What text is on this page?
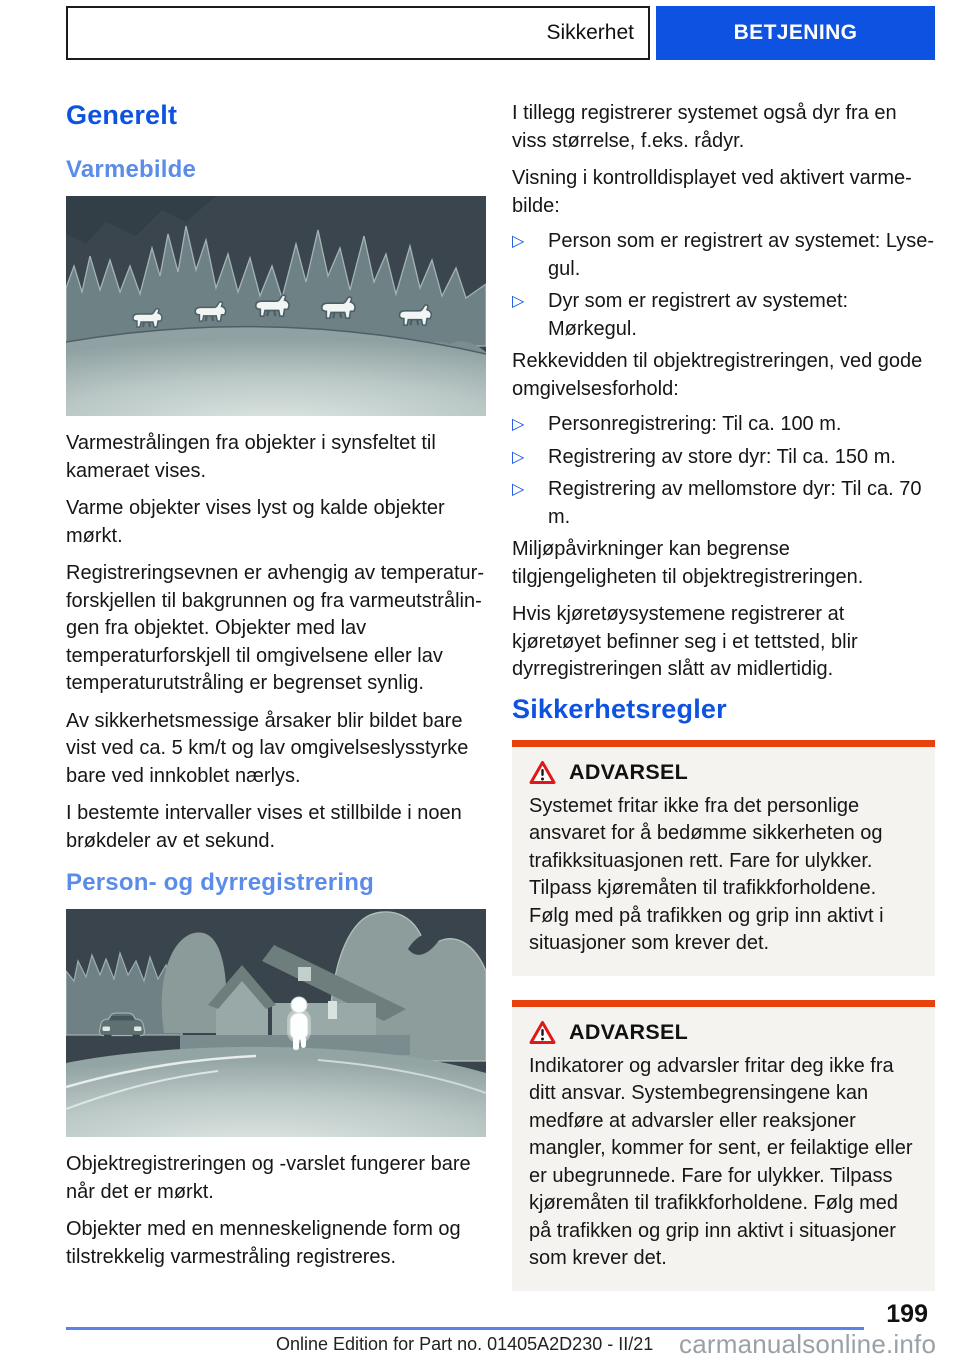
Sikkerhet	BETJENING
Generelt
Varmebilde

Varmestrålingen fra objekter i synsfeltet til kameraet vises.

Varme objekter vises lyst og kalde objekter mørkt.

Registreringsevnen er avhengig av temperaturforskjellen til bakgrunnen og fra varmeutstrålingen fra objektet. Objekter med lav temperaturforskjell til omgivelsene eller lav temperaturutstråling er begrenset synlig.

Av sikkerhetsmessige årsaker blir bildet bare vist ved ca. 5 km/t og lav omgivelseslysstyrke bare ved innkoblet nærlys.

I bestemte intervaller vises et stillbilde i noen brøkdeler av et sekund.

Person- og dyrregistrering

Objektregistreringen og -varslet fungerer bare når det er mørkt.

Objekter med en menneskelignende form og tilstrekkelig varmestråling registreres.

I tillegg registrerer systemet også dyr fra en viss størrelse, f.eks. rådyr.

Visning i kontrolldisplayet ved aktivert varmebilde:

▷	Person som er registrert av systemet: Lysegul.
▷	Dyr som er registrert av systemet: Mørkegul.

Rekkevidden til objektregistreringen, ved gode omgivelsesforhold:

▷	Personregistrering: Til ca. 100 m.
▷	Registrering av store dyr: Til ca. 150 m.
▷	Registrering av mellomstore dyr: Til ca. 70 m.

Miljøpåvirkninger kan begrense tilgjengeligheten til objektregistreringen.

Hvis kjøretøysystemene registrerer at kjøretøyet befinner seg i et tettsted, blir dyrregistreringen slått av midlertidig.

Sikkerhetsregler
ADVARSEL

Systemet fritar ikke fra det personlige ansvaret for å bedømme sikkerheten og trafikksituasjonen rett. Fare for ulykker. Tilpass kjøremåten til trafikkforholdene. Følg med på trafikken og grip inn aktivt i situasjoner som krever det.

ADVARSEL

Indikatorer og advarsler fritar deg ikke fra ditt ansvar. Systembegrensingene kan medføre at advarsler eller reaksjoner mangler, kommer for sent, er feilaktige eller er ubegrunnede. Fare for ulykker. Tilpass kjøremåten til trafikkforholdene. Følg med på trafikken og grip inn aktivt i situasjoner som krever det.

199
Online Edition for Part no. 01405A2D230 - II/21 carmanualsonline.info
